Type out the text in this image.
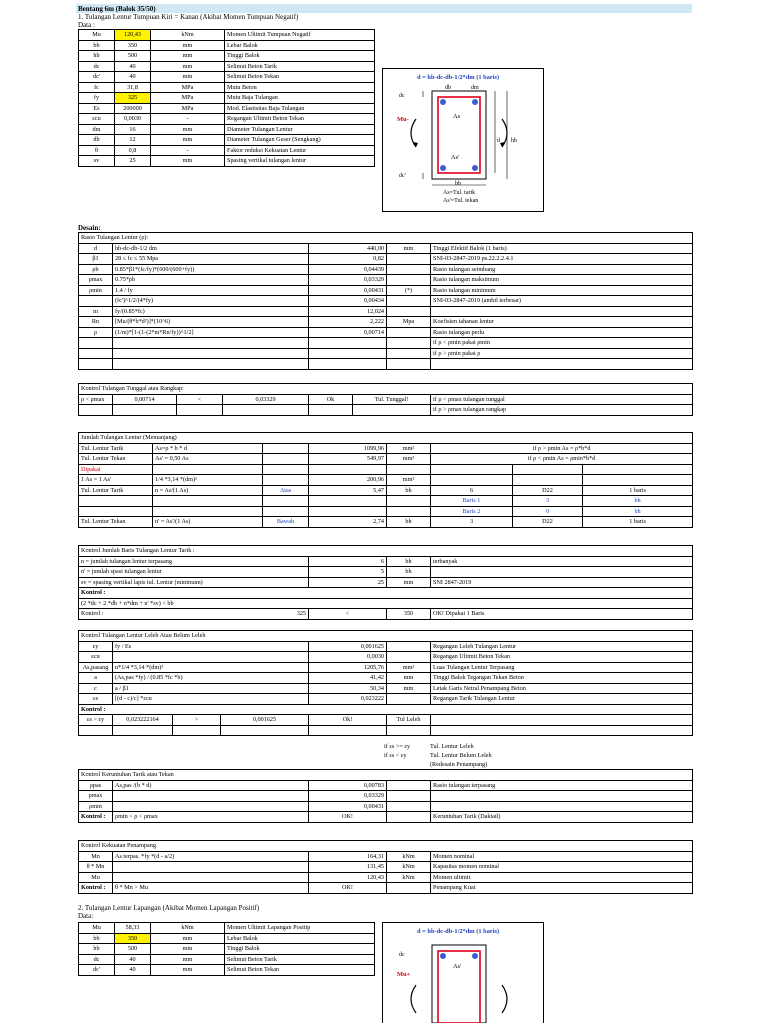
Bentang 6m (Balok 35/50)
1. Tulangan Lentur Tumpuan Kiri = Kanan (Akibat Momen Tumpuan Negatif)
Data :
Mu	120,43	kNm	Momen Ultimit Tumpuan Negatif
bb	350	mm	Lebar Balok
hb	500	mm	Tinggi Balok
dc	40	mm	Selimut Beton Tarik
dc'	40	mm	Selimut Beton Tekan
fc	31,8	MPa	Mutu Beton
fy	325	MPa	Mutu Baja Tulangan
Es	200000	MPa	Mod. Elastisitas Baja Tulangan
εcu	0,0030	-	Regangan Ultimit Beton Tekan
dm	16	mm	Diameter Tulangan Lentur
db	12	mm	Diameter Tulangan Geser (Sengkang)
θ	0,8	-	Faktor reduksi Kekuatan Lentur
sv	25	mm	Spasing vertikal tulangan lentur
d = hb-dc-db-1/2*dm (1 baris)
db	dm
dc
As
Mu-
d hb
As'
dc'
bb
As=Tul. tarik
As'=Tul. tekan
Desain:
Rasio Tulangan Lentur (ρ):				
d	hb-dc-db-1/2 dm	440,00	mm	Tinggi Efektif Balok (1 baris)
β1	28 ≤ fc ≤ 55 Mpa	0,82		SNI-03-2847-2019 ps.22.2.2.4.1
ρb	0.85*β1*(fc/fy)*(600/(600+fy))	0,04439		Rasio tulangan seimbang
ρmax	0.75*ρb	0,03329		Rasio tulangan maksimum
ρmin	1.4 / fy	0,00431	(*)	Rasio tulangan minimum
	(fc')^1/2/(4*fy)	0,00434		SNI-03-2847-2019 (ambil terbesar)
m	fy/(0.85*fc)	12,024		
Rn	[Mu/(θ*b*d²)]*(10^6)	2,222	Mpa	Koefisien tahanan lentur
ρ	(1/m)*[1-(1-(2*m*Rn/fy))^1/2]	0,00714		Rasio tulangan perlu
				if ρ < ρmin pakai ρmin
				if ρ > ρmin pakai ρ

Kontrol Tulangan Tunggal atau Rangkap:						
ρ < ρmax	0,00714	<	0,03329	Ok	Tul. Tunggal!	if ρ < ρmax tulangan tunggal
						if ρ > ρmax tulangan rangkap
Jumlah Tulangan Lentur (Memanjang)							
Tul. Lentur Tarik	As=ρ * b * d		1099,96	mm²	if ρ > ρmin As = ρ*b*d		
Tul. Lentur Tekan	As' = 0,50 As		549,97	mm²	if ρ < ρmin As = ρmin*b*d		
Dipakai							
1 As = 1 As'	1/4 *3,14 *(dm)²		200,96	mm²			
Tul. Lentur Tarik	n = As/(1 As)	Atas	5,47	bh	6	D22	1 baris
					Baris 1	3	bh
					Baris 2	0	bh
Tul. Lentur Tekan	n' = As'/(1 As)	Bawah	2,74	bh	3	D22	1 baris
Kontrol Jumlah Baris Tulangan Lentur Tarik :			
n = jumlah tulangan lentur terpasang	6	bh	terbanyak
n' = jumlah spasi tulangan lentur	5	bh	
sv = spasing vertikal lapis tul. Lentur (minimum)	25	mm	SNI 2847-2019
Kontrol :			
(2 *dc + 2 *db + n*dm + n' *sv) < bb			

Kontrol : 325	<	350	OK! Dipakai 1 Baris
Kontrol Tulangan Lentur Leleh Atau Belum Leleh						
εy	fy / Es			0,001625		Regangan Leleh Tulangan Lentur
εcu				0,0030		Regangan Ultimit Beton Tekan
As,pasang	n*1/4 *3,14 *(dm)²			1205,76	mm²	Luas Tulangan Lentur Terpasang
a	(As,pas *fy) / (0.85 *fc *b)			41,42	mm	Tinggi Balok Tegangan Tekan Beton
c	a / β1			50,34	mm	Letak Garis Netral Penampang Beton
εs	[(d - c)/c] *εcu			0,023222		Regangan Tarik Tulangan Lentur
Kontrol :						
εs > εy	0,023222164	>	0,001625	Ok!	Tul Leleh	

if εs >= εy	Tul. Lentur Leleh
if εs < εy	Tul. Lentur Belum Leleh
(Redesain Penampang)
Kontrol Keruntuhan Tarik atau Tekan				
ρpas	As,pas /(b * d)	0,00783		Rasio tulangan terpasang
ρmax		0,03329		
ρmin		0,00431		
Kontrol :	ρmin < ρ < ρmax	OK!		Keruntuhan Tarik (Daktail)
Kontrol Kekuatan Penampang				
Mn	As terpas. *fy *(d - a/2)	164,31	kNm	Momen nominal
θ * Mn		131,45	kNm	Kapasitas momen nominal
Mu		120,43	kNm	Momen ultimit
Kontrol :	θ * Mn > Mu	OK!		Penampang Kuat
2. Tulangan Lentur Lapangan (Akibat Momen Lapangan Positif)
Data:
Mu	58,33	kNm	Momen Ultimit Lapangan Positip
bb	350	mm	Lebar Balok
hb	500	mm	Tinggi Balok
dc	40	mm	Selimut Beton Tarik
dc'	40	mm	Selimut Beton Tekan
d = hb-dc-db-1/2*dm (1 baris)
dc
As'
Mu+
